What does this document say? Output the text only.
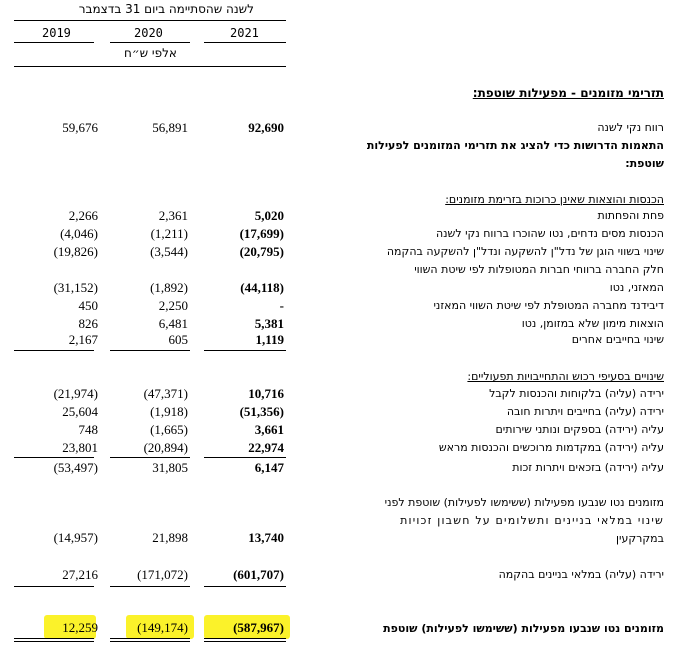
לשנה שהסתיימה ביום 31 בדצמבר
2019	2020	2021
אלפי ש״ח
תזרימי מזומנים - מפעילות שוטפת:
רווח נקי לשנה
92,690
56,891
59,676
התאמות הדרושות כדי להציג את תזרימי המזומנים לפעילות
שוטפת:
הכנסות והוצאות שאינן כרוכות בזרימת מזומנים:
פחת והפחתות
5,020
2,361
2,266
הכנסות מסים נדחים, נטו שהוכרו ברווח נקי לשנה
(17,699)
(1,211)
(4,046)
שינוי בשווי הוגן של נדל"ן להשקעה ונדל"ן להשקעה בהקמה
(20,795)
(3,544)
(19,826)
חלק החברה ברווחי חברות המטופלות לפי שיטת השווי
המאזני, נטו
(44,118)
(1,892)
(31,152)
דיבידנד מחברה המטופלת לפי שיטת השווי המאזני
-
2,250
450
הוצאות מימון שלא במזומן, נטו
5,381
6,481
826
שינוי בחייבים אחרים
1,119
605
2,167
שינויים בסעיפי רכוש והתחייבויות תפעוליים:
ירידה (עליה) בלקוחות והכנסות לקבל
10,716
(47,371)
(21,974)
ירידה (עליה) בחייבים ויתרות חובה
(51,356)
(1,918)
25,604
עליה (ירידה) בספקים ונותני שירותים
3,661
(1,665)
748
עליה (ירידה) במקדמות מרוכשים והכנסות מראש
22,974
(20,894)
23,801
עליה (ירידה) בזכאים ויתרות זכות
6,147
31,805
(53,497)
מזומנים נטו שנבעו מפעילות (ששימשו לפעילות) שוטפת לפני
שינוי במלאי בניינים ותשלומים על חשבון זכויות
במקרקעין
13,740
21,898
(14,957)
ירידה (עליה) במלאי בניינים בהקמה
(601,707)
(171,072)
27,216
מזומנים נטו שנבעו מפעילות (ששימשו לפעילות) שוטפת
(587,967)
(149,174)
12,259
